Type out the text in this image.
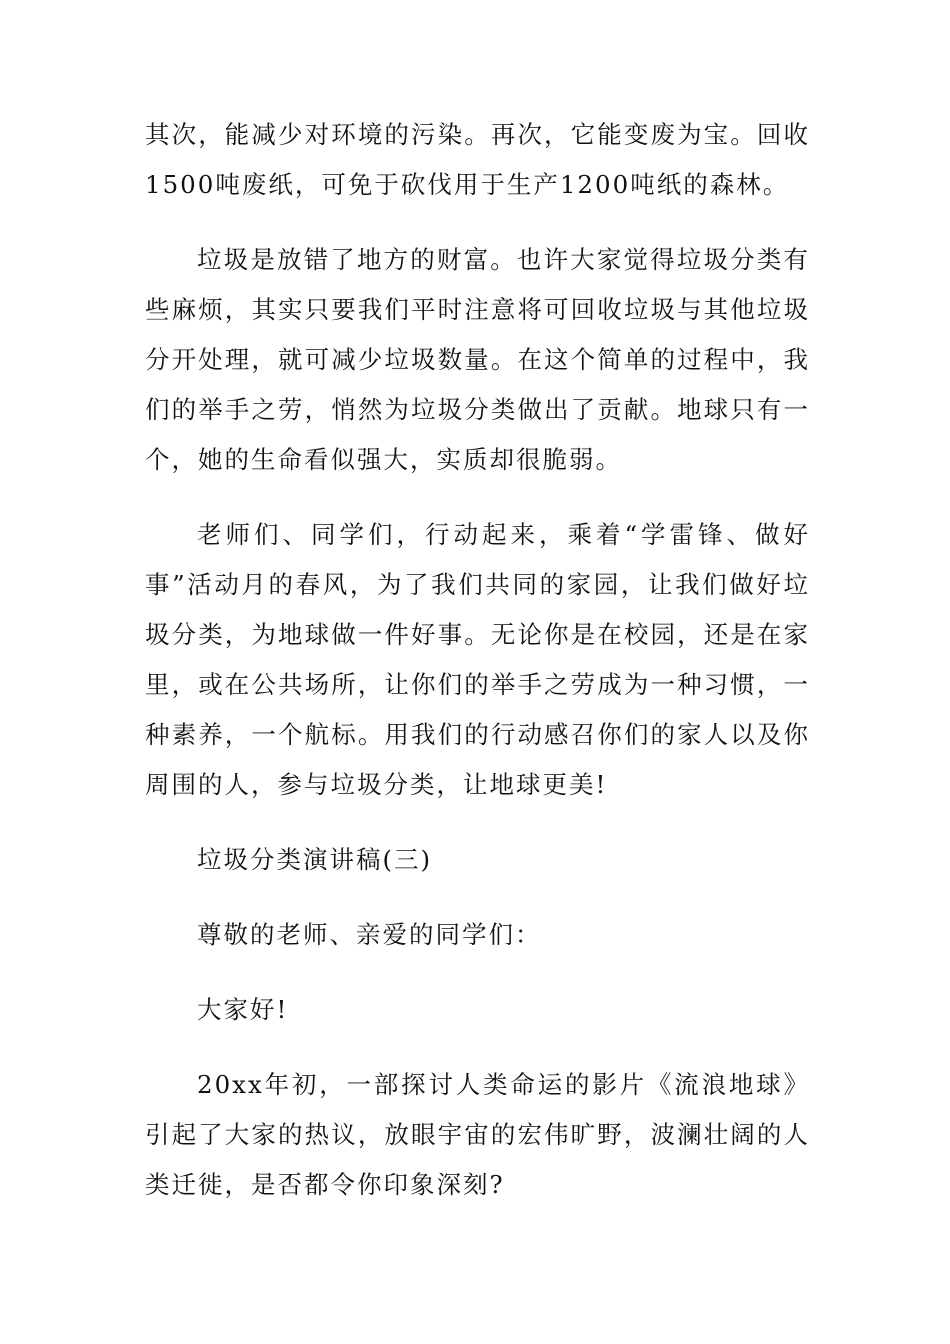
其次，能减少对环境的污染。再次，它能变废为宝。回收1500吨废纸，可免于砍伐用于生产1200吨纸的森林。

垃圾是放错了地方的财富。也许大家觉得垃圾分类有些麻烦，其实只要我们平时注意将可回收垃圾与其他垃圾分开处理，就可减少垃圾数量。在这个简单的过程中，我们的举手之劳，悄然为垃圾分类做出了贡献。地球只有一个，她的生命看似强大，实质却很脆弱。

老师们、同学们，行动起来，乘着“学雷锋、做好事”活动月的春风，为了我们共同的家园，让我们做好垃圾分类，为地球做一件好事。无论你是在校园，还是在家里，或在公共场所，让你们的举手之劳成为一种习惯，一种素养，一个航标。用我们的行动感召你们的家人以及你周围的人，参与垃圾分类，让地球更美!

垃圾分类演讲稿(三)

尊敬的老师、亲爱的同学们：

大家好!

20xx年初，一部探讨人类命运的影片《流浪地球》引起了大家的热议，放眼宇宙的宏伟旷野，波澜壮阔的人类迁徙，是否都令你印象深刻?
